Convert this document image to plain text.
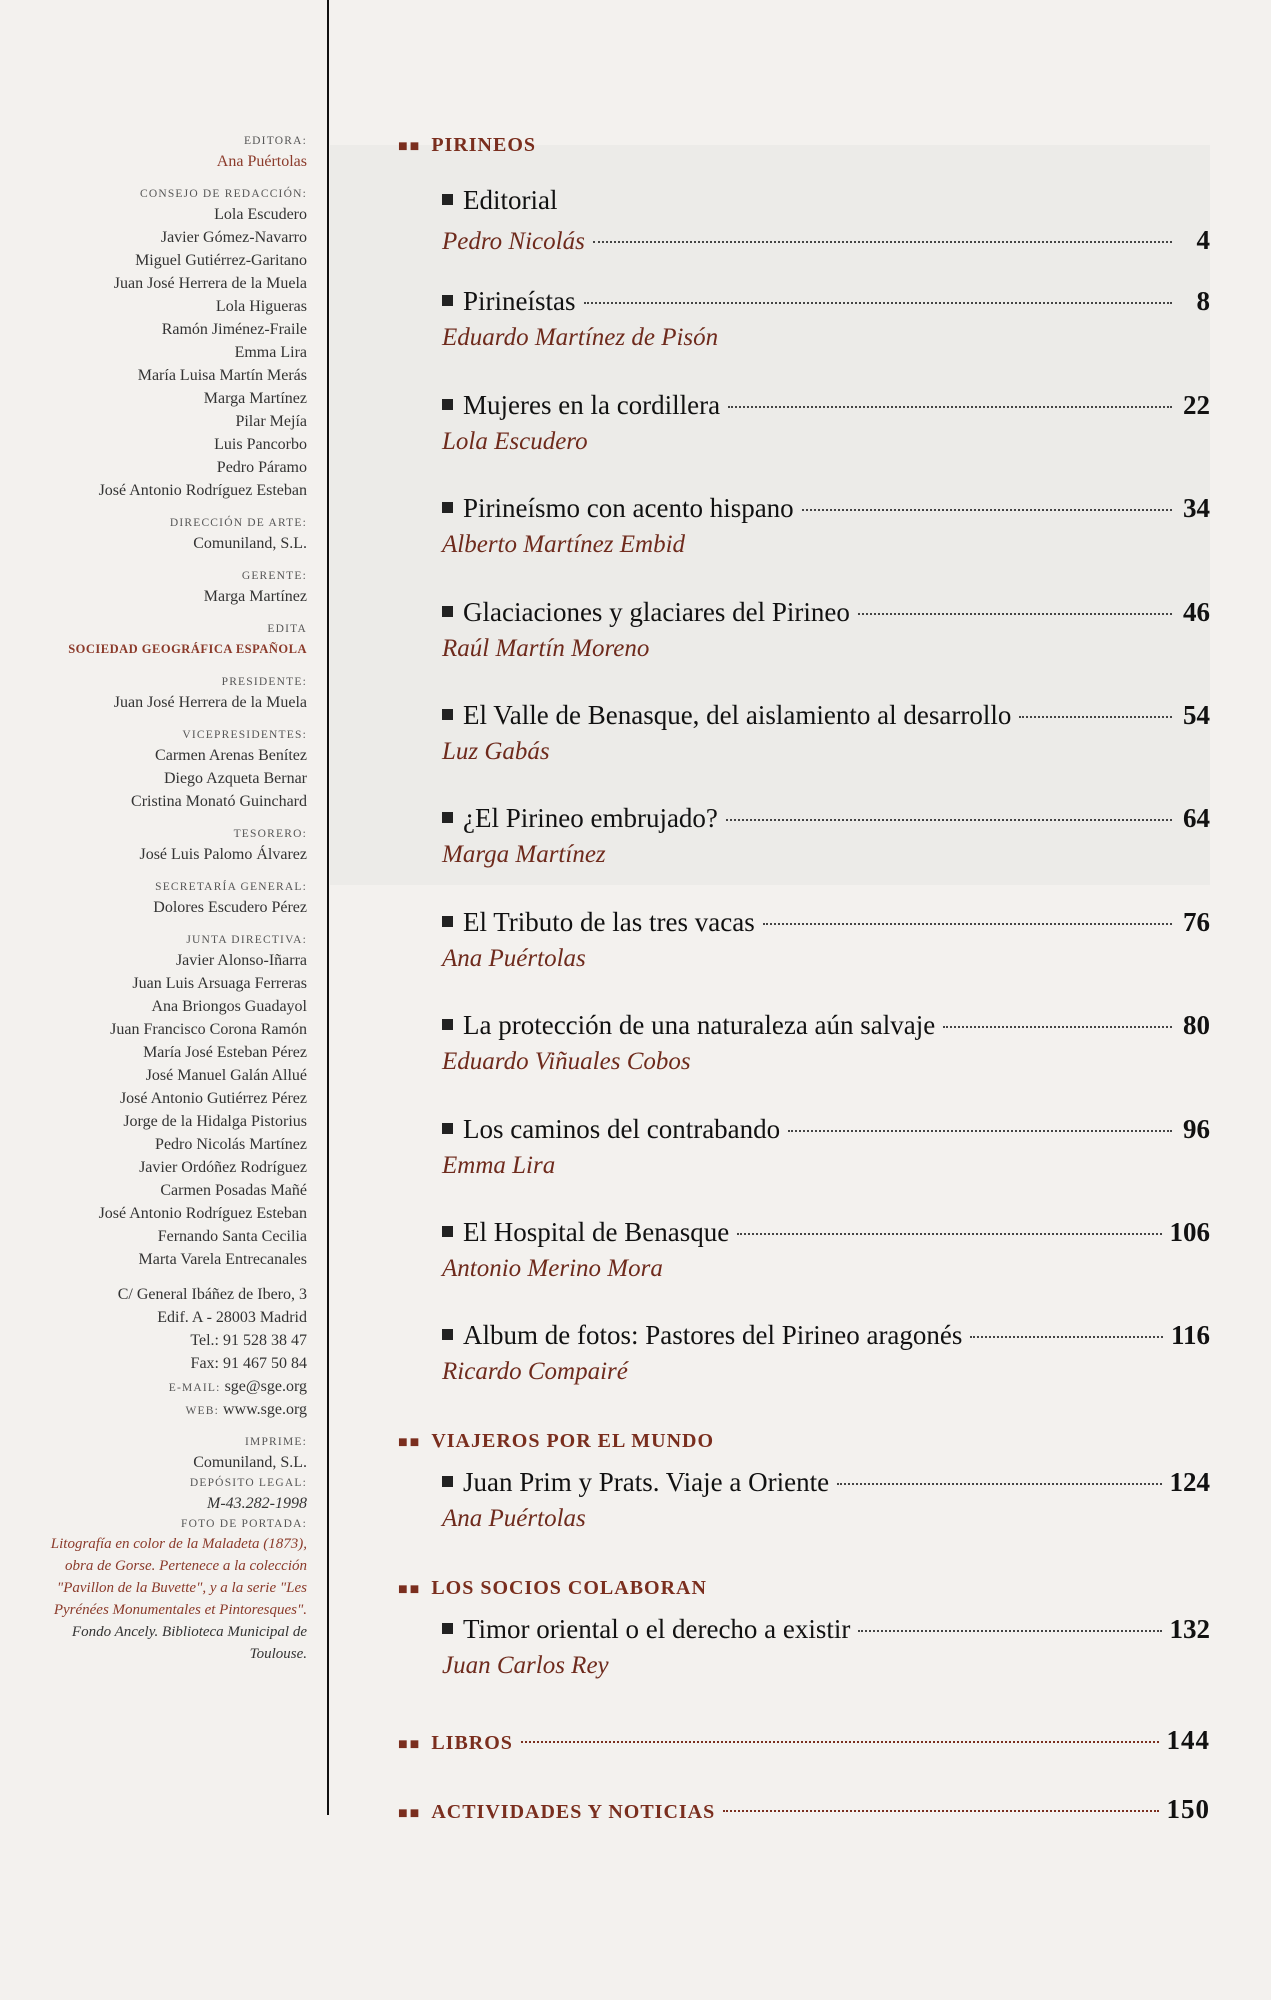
EDITORA:
Ana Puértolas
CONSEJO DE REDACCIÓN:
Lola Escudero
Javier Gómez-Navarro
Miguel Gutiérrez-Garitano
Juan José Herrera de la Muela
Lola Higueras
Ramón Jiménez-Fraile
Emma Lira
María Luisa Martín Merás
Marga Martínez
Pilar Mejía
Luis Pancorbo
Pedro Páramo
José Antonio Rodríguez Esteban
DIRECCIÓN DE ARTE:
Comuniland, S.L.
GERENTE:
Marga Martínez
EDITA
SOCIEDAD GEOGRÁFICA ESPAÑOLA
PRESIDENTE:
Juan José Herrera de la Muela
VICEPRESIDENTES:
Carmen Arenas Benítez
Diego Azqueta Bernar
Cristina Monató Guinchard
TESORERO:
José Luis Palomo Álvarez
SECRETARÍA GENERAL:
Dolores Escudero Pérez
JUNTA DIRECTIVA:
Javier Alonso-Iñarra
Juan Luis Arsuaga Ferreras
Ana Briongos Guadayol
Juan Francisco Corona Ramón
María José Esteban Pérez
José Manuel Galán Allué
José Antonio Gutiérrez Pérez
Jorge de la Hidalga Pistorius
Pedro Nicolás Martínez
Javier Ordóñez Rodríguez
Carmen Posadas Mañé
José Antonio Rodríguez Esteban
Fernando Santa Cecilia
Marta Varela Entrecanales
C/ General Ibáñez de Ibero, 3
Edif. A - 28003 Madrid
Tel.: 91 528 38 47
Fax: 91 467 50 84
E-MAIL: sge@sge.org
WEB: www.sge.org
IMPRIME:
Comuniland, S.L.
DEPÓSITO LEGAL:
M-43.282-1998
FOTO DE PORTADA:
Litografía en color de la Maladeta (1873), obra de Gorse. Pertenece a la colección "Pavillon de la Buvette", y a la serie "Les Pyrénées Monumentales et Pintoresques". Fondo Ancely. Biblioteca Municipal de Toulouse.
■■ PIRINEOS
Editorial
Pedro Nicolás	4
Pirineístas	8
Eduardo Martínez de Pisón
Mujeres en la cordillera	22
Lola Escudero
Pirineísmo con acento hispano	34
Alberto Martínez Embid
Glaciaciones y glaciares del Pirineo	46
Raúl Martín Moreno
El Valle de Benasque, del aislamiento al desarrollo	54
Luz Gabás
¿El Pirineo embrujado?	64
Marga Martínez
El Tributo de las tres vacas	76
Ana Puértolas
La protección de una naturaleza aún salvaje	80
Eduardo Viñuales Cobos
Los caminos del contrabando	96
Emma Lira
El Hospital de Benasque	106
Antonio Merino Mora
Album de fotos: Pastores del Pirineo aragonés	116
Ricardo Compairé
■■ VIAJEROS POR EL MUNDO
Juan Prim y Prats. Viaje a Oriente	124
Ana Puértolas
■■ LOS SOCIOS COLABORAN
Timor oriental o el derecho a existir	132
Juan Carlos Rey
■■ LIBROS	144
■■ ACTIVIDADES Y NOTICIAS	150
